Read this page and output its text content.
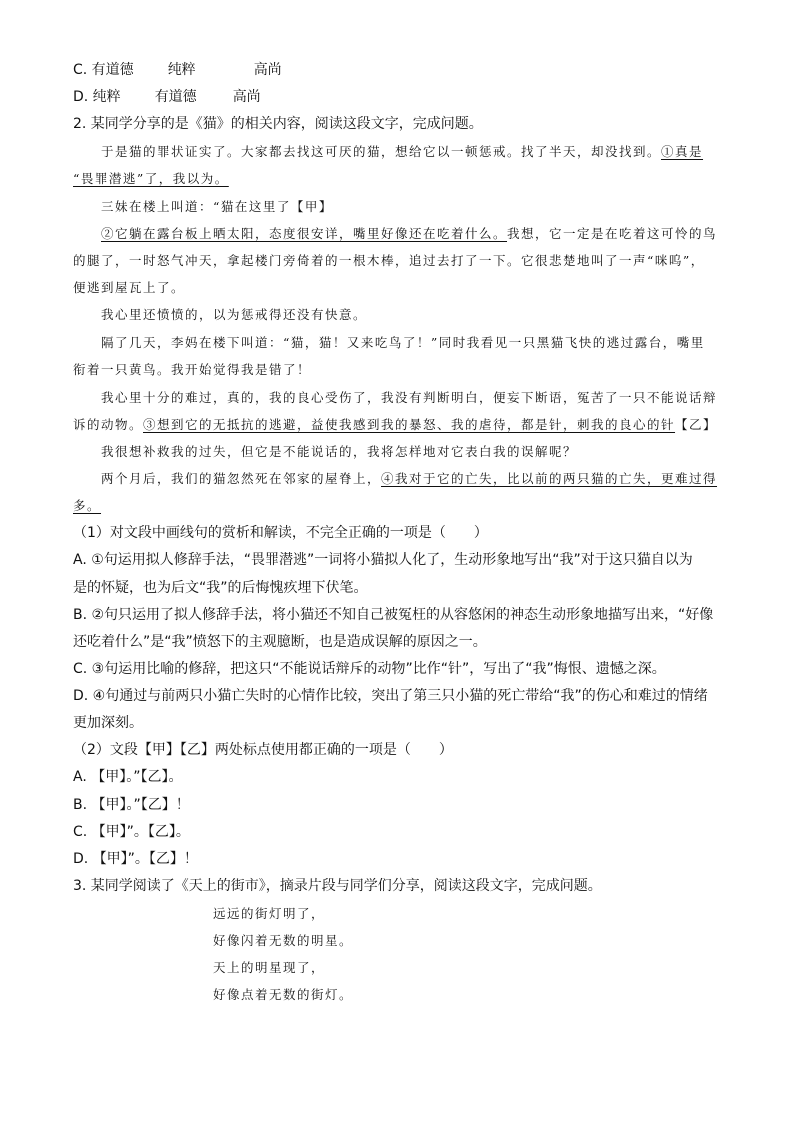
C. 有道德 纯粹	高尚
D. 纯粹 有道德	高尚
2. 某同学分享的是《猫》的相关内容，阅读这段文字，完成问题。
于是猫的罪状证实了。大家都去找这可厌的猫，想给它以一顿惩戒。找了半天，却没找到。①真是
“畏罪潜逃”了，我以为。
三妹在楼上叫道：“猫在这里了【甲】
②它躺在露台板上晒太阳，态度很安详，嘴里好像还在吃着什么。我想，它一定是在吃着这可怜的鸟
的腿了，一时怒气冲天，拿起楼门旁倚着的一根木棒，追过去打了一下。它很悲楚地叫了一声“咪呜”，
便逃到屋瓦上了。
我心里还愤愤的，以为惩戒得还没有快意。
隔了几天，李妈在楼下叫道：“猫，猫！又来吃鸟了！”同时我看见一只黑猫飞快的逃过露台，嘴里
衔着一只黄鸟。我开始觉得我是错了！
我心里十分的难过，真的，我的良心受伤了，我没有判断明白，便妄下断语，冤苦了一只不能说话辩
诉的动物。③想到它的无抵抗的逃避，益使我感到我的暴怒、我的虐待，都是针，刺我的良心的针【乙】
我很想补救我的过失，但它是不能说话的，我将怎样地对它表白我的误解呢？
两个月后，我们的猫忽然死在邻家的屋脊上，④我对于它的亡失，比以前的两只猫的亡失，更难过得
多。
（1）对文段中画线句的赏析和解读，不完全正确的一项是（　　）
A. ①句运用拟人修辞手法，“畏罪潜逃”一词将小猫拟人化了，生动形象地写出“我”对于这只猫自以为
是的怀疑，也为后文“我”的后悔愧疚埋下伏笔。
B. ②句只运用了拟人修辞手法，将小猫还不知自己被冤枉的从容悠闲的神态生动形象地描写出来，“好像
还吃着什么”是“我”愤怒下的主观臆断，也是造成误解的原因之一。
C. ③句运用比喻的修辞，把这只“不能说话辩斥的动物”比作“针”，写出了“我”悔恨、遗憾之深。
D. ④句通过与前两只小猫亡失时的心情作比较，突出了第三只小猫的死亡带给“我”的伤心和难过的情绪
更加深刻。
（2）文段【甲】【乙】两处标点使用都正确的一项是（　　）
A. 【甲】。”【乙】。
B. 【甲】。”【乙】！
C. 【甲】”。【乙】。
D. 【甲】”。【乙】！
3. 某同学阅读了《天上的街市》，摘录片段与同学们分享，阅读这段文字，完成问题。
远远的街灯明了，
好像闪着无数的明星。
天上的明星现了，
好像点着无数的街灯。
